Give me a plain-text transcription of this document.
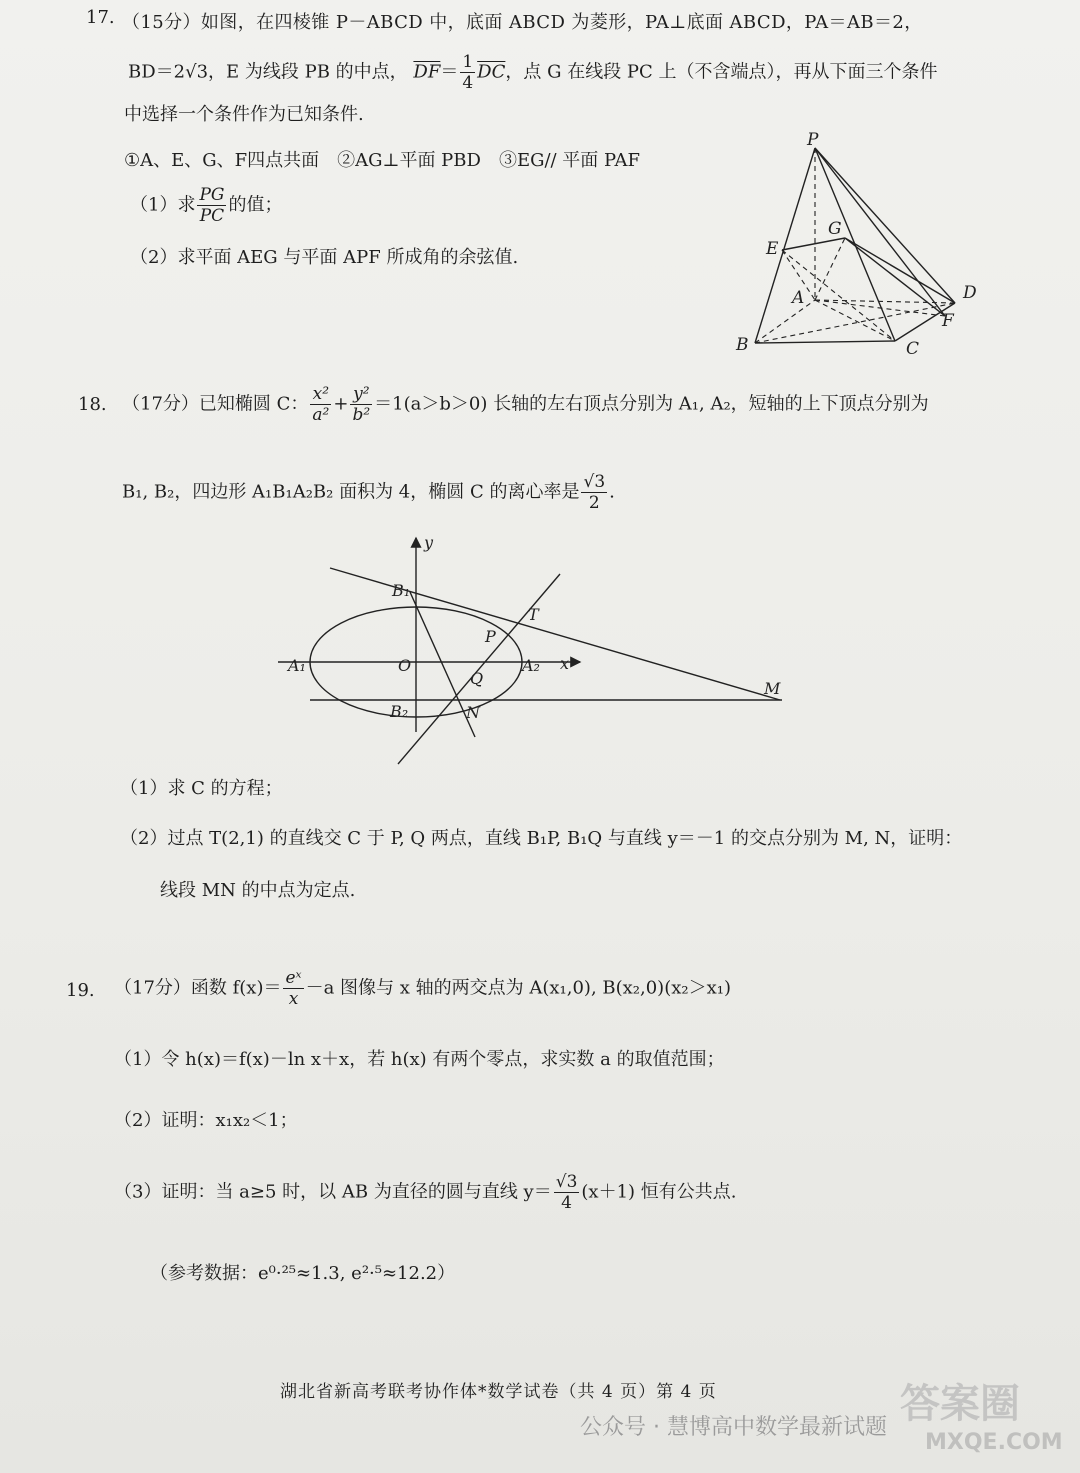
17. （15分）如图，在四棱锥 P－ABCD 中，底面 ABCD 为菱形，PA⊥底面 ABCD，PA＝AB＝2，
BD＝2√3，E 为线段 PB 的中点， $\overline{DF}= \frac{1}{4} \overline{DC}$，点 G 在线段 PC 上（不含端点），再从下面三个条件
中选择一个条件作为已知条件.
①A、E、G、F四点共面　②AG⊥平面 PBD　③EG// 平面 PAF
（1）求 $\frac{PG}{PC}$ 的值；
（2）求平面 AEG 与平面 APF 所成角的余弦值.
P
G
E
A	D
F
B	C
18. （17分）已知椭圆 C： $\frac{\text{x²}}{\text{a²}} + \frac{\text{y²}}{\text{b²}} =1(a>b>0)$ 长轴的左右顶点分别为 A₁, A₂，短轴的上下顶点分别为
B₁, B₂，四边形 A₁B₁A₂B₂ 面积为 4，椭圆 C 的离心率是 $\frac{√3}{2}$ .
y
x
O
A₁	A₂
B₁
B₂
P
Q
T
M
N
（1）求 C 的方程；
（2）过点 T(2,1) 的直线交 C 于 P, Q 两点，直线 B₁P, B₁Q 与直线 y＝－1 的交点分别为 M, N，证明：
线段 MN 的中点为定点.
19. （17分）函数 $f(x)= \frac{\text{eˣ}}{x} -a$ 图像与 x 轴的两交点为 A(x₁,0), B(x₂,0)(x₂＞x₁)
（1）令 h(x)＝f(x)－ln x＋x，若 h(x) 有两个零点，求实数 a 的取值范围；
（2）证明：x₁x₂＜1；
（3）证明：当 a≥5 时，以 AB 为直径的圆与直线 $y= \frac{√3}{4} (x+1)$ 恒有公共点.
（参考数据：e⁰·²⁵≈1.3, e²·⁵≈12.2）
湖北省新高考联考协作体*数学试卷（共 4 页）第 4 页
公众号 · 慧博高中数学最新试题
答案圈
MXQE.COM
